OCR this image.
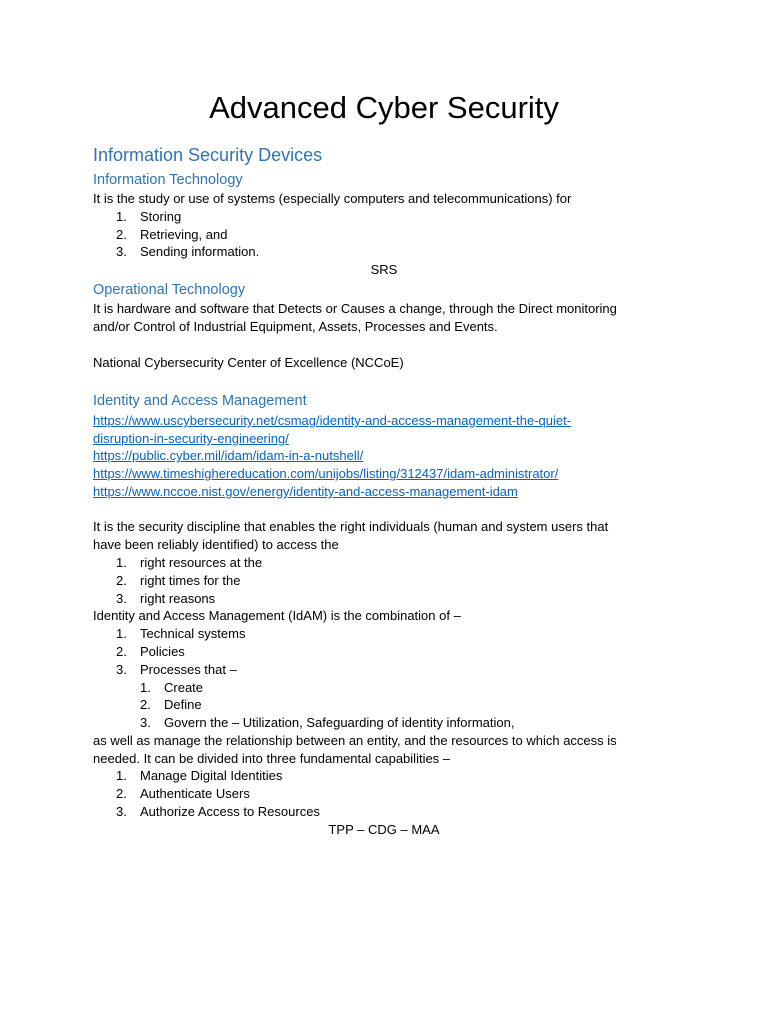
Advanced Cyber Security
Information Security Devices
Information Technology
It is the study or use of systems (especially computers and telecommunications) for
1. Storing
2. Retrieving, and
3. Sending information.
SRS
Operational Technology
It is hardware and software that Detects or Causes a change, through the Direct monitoring
and/or Control of Industrial Equipment, Assets, Processes and Events.
National Cybersecurity Center of Excellence (NCCoE)
Identity and Access Management
https://www.uscybersecurity.net/csmag/identity-and-access-management-the-quiet-
disruption-in-security-engineering/
https://public.cyber.mil/idam/idam-in-a-nutshell/
https://www.timeshighereducation.com/unijobs/listing/312437/idam-administrator/
https://www.nccoe.nist.gov/energy/identity-and-access-management-idam
It is the security discipline that enables the right individuals (human and system users that
have been reliably identified) to access the
1. right resources at the
2. right times for the
3. right reasons
Identity and Access Management (IdAM) is the combination of –
1. Technical systems
2. Policies
3. Processes that –
1. Create
2. Define
3. Govern the – Utilization, Safeguarding of identity information,
as well as manage the relationship between an entity, and the resources to which access is
needed. It can be divided into three fundamental capabilities –
1. Manage Digital Identities
2. Authenticate Users
3. Authorize Access to Resources
TPP – CDG – MAA
